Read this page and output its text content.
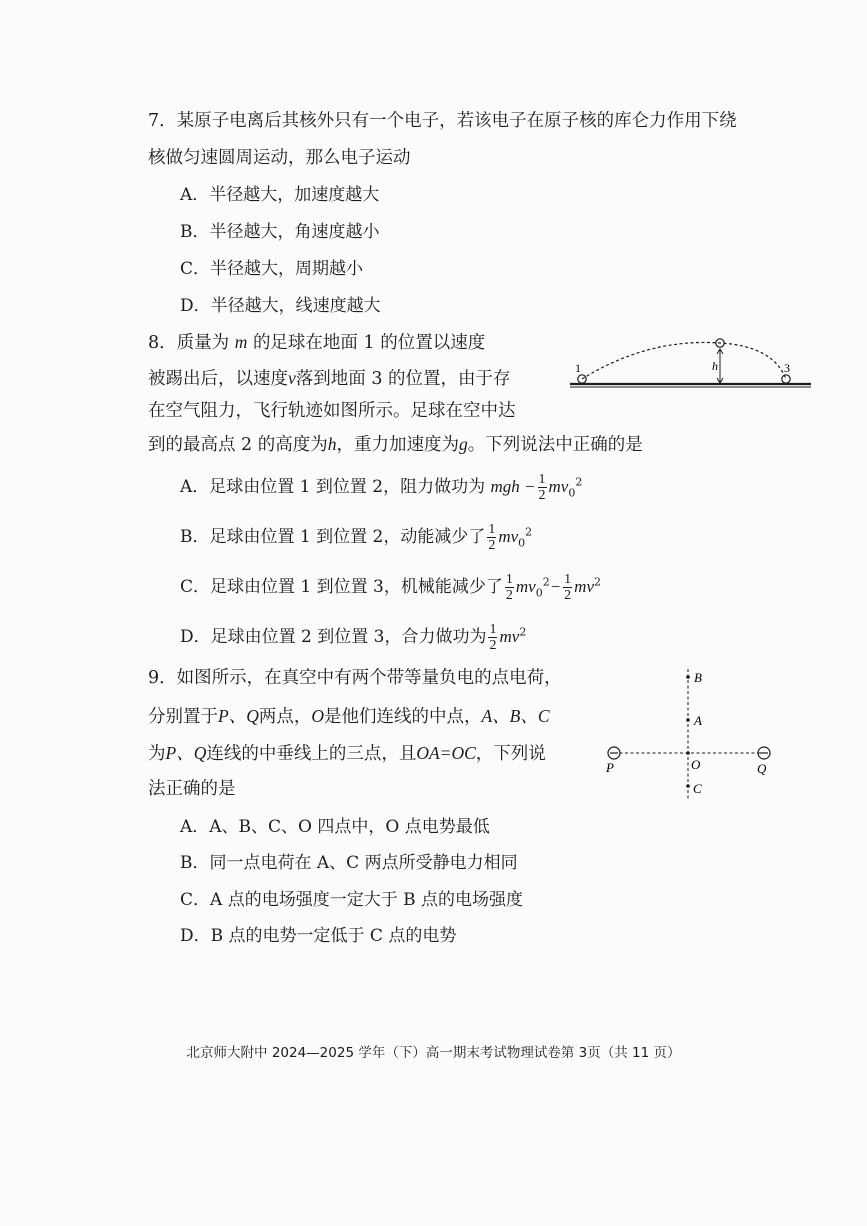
7．某原子电离后其核外只有一个电子，若该电子在原子核的库仑力作用下绕
核做匀速圆周运动，那么电子运动
A．半径越大，加速度越大
B．半径越大，角速度越小
C．半径越大，周期越小
D．半径越大，线速度越大
8．质量为 m 的足球在地面 1 的位置以速度
被踢出后，以速度v落到地面 3 的位置，由于存
在空气阻力，飞行轨迹如图所示。足球在空中达
到的最高点 2 的高度为h，重力加速度为g。下列说法中正确的是
1	3
h
A．足球由位置 1 到位置 2，阻力做功为 mgh − $\frac{1}{2} mv_0^2$
B．足球由位置 1 到位置 2，动能减少了 $\frac{1}{2} mv_0^2$
C．足球由位置 1 到位置 3，机械能减少了 $\frac{1}{2} mv_0^2- \frac{1}{2} mv^2$
D．足球由位置 2 到位置 3，合力做功为 $\frac{1}{2} mv^2$
9．如图所示，在真空中有两个带等量负电的点电荷，
分别置于P、Q两点，O是他们连线的中点，A、B、C
为P、Q连线的中垂线上的三点，且OA=OC，下列说
法正确的是
B
A
O
P	Q
C
A．A、B、C、O 四点中，O 点电势最低
B．同一点电荷在 A、C 两点所受静电力相同
C．A 点的电场强度一定大于 B 点的电场强度
D．B 点的电势一定低于 C 点的电势
北京师大附中 2024—2025 学年（下）高一期末考试物理试卷第 3页（共 11 页）
